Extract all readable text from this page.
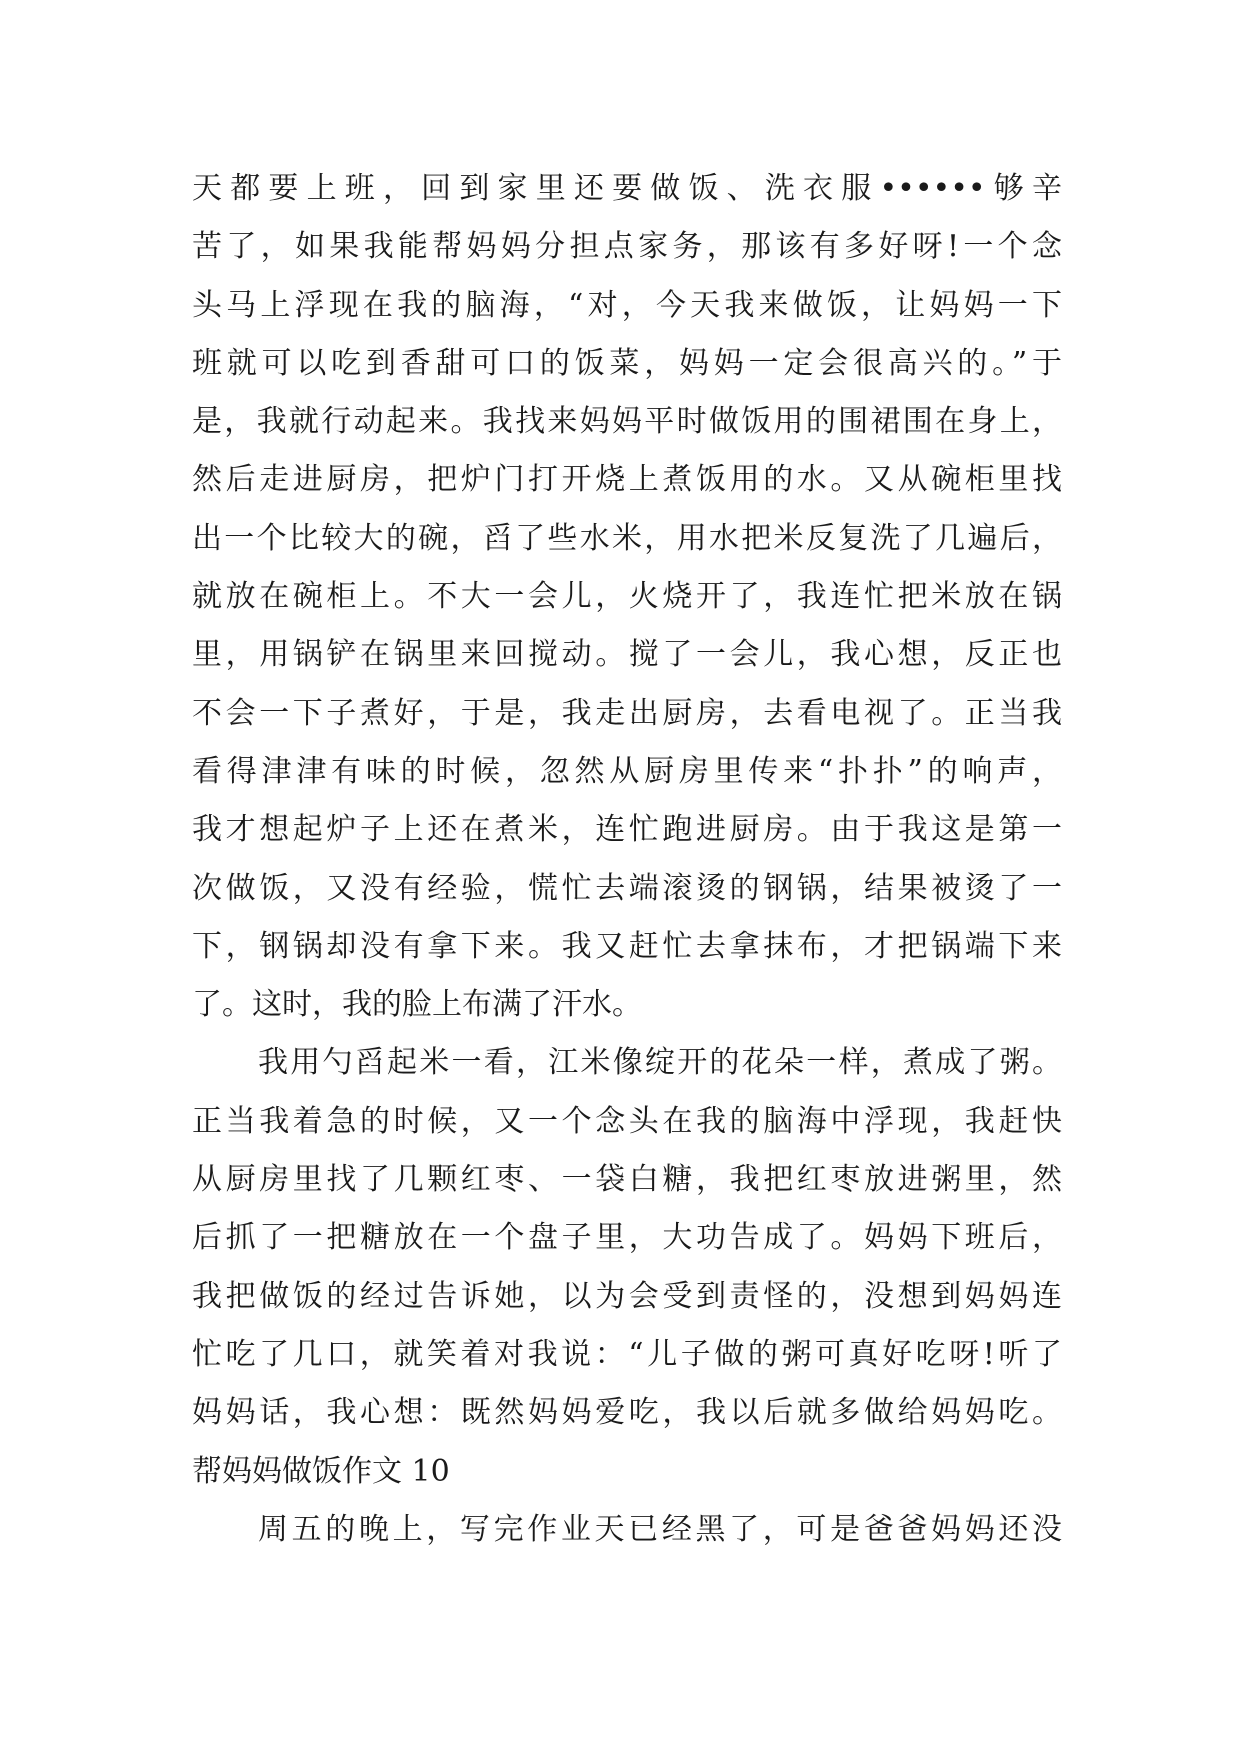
天都要上班，回到家里还要做饭、洗衣服••••••够辛
苦了，如果我能帮妈妈分担点家务，那该有多好呀!一个念
头马上浮现在我的脑海，“对，今天我来做饭，让妈妈一下
班就可以吃到香甜可口的饭菜，妈妈一定会很高兴的。”于
是，我就行动起来。我找来妈妈平时做饭用的围裙围在身上，
然后走进厨房，把炉门打开烧上煮饭用的水。又从碗柜里找
出一个比较大的碗，舀了些水米，用水把米反复洗了几遍后，
就放在碗柜上。不大一会儿，火烧开了，我连忙把米放在锅
里，用锅铲在锅里来回搅动。搅了一会儿，我心想，反正也
不会一下子煮好，于是，我走出厨房，去看电视了。正当我
看得津津有味的时候，忽然从厨房里传来“扑扑”的响声，
我才想起炉子上还在煮米，连忙跑进厨房。由于我这是第一
次做饭，又没有经验，慌忙去端滚烫的钢锅，结果被烫了一
下，钢锅却没有拿下来。我又赶忙去拿抹布，才把锅端下来
了。这时，我的脸上布满了汗水。
我用勺舀起米一看，江米像绽开的花朵一样，煮成了粥。
正当我着急的时候，又一个念头在我的脑海中浮现，我赶快
从厨房里找了几颗红枣、一袋白糖，我把红枣放进粥里，然
后抓了一把糖放在一个盘子里，大功告成了。妈妈下班后，
我把做饭的经过告诉她，以为会受到责怪的，没想到妈妈连
忙吃了几口，就笑着对我说：“儿子做的粥可真好吃呀!听了
妈妈话，我心想：既然妈妈爱吃，我以后就多做给妈妈吃。
帮妈妈做饭作文 10
周五的晚上，写完作业天已经黑了，可是爸爸妈妈还没
